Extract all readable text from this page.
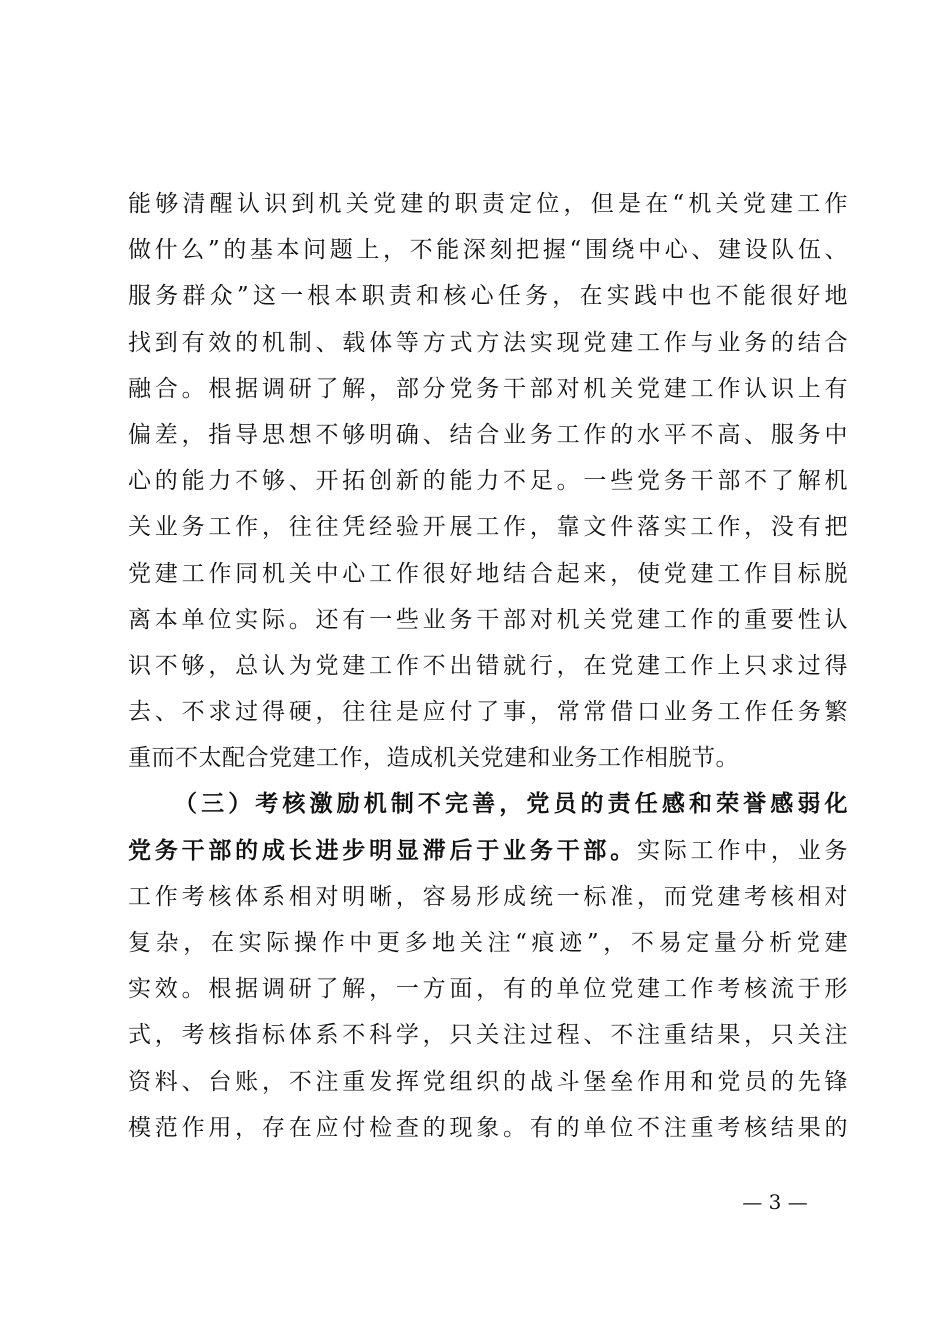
能够清醒认识到机关党建的职责定位，但是在“机关党建工作
做什么”的基本问题上，不能深刻把握“围绕中心、建设队伍、
服务群众”这一根本职责和核心任务，在实践中也不能很好地
找到有效的机制、载体等方式方法实现党建工作与业务的结合
融合。根据调研了解，部分党务干部对机关党建工作认识上有
偏差，指导思想不够明确、结合业务工作的水平不高、服务中
心的能力不够、开拓创新的能力不足。一些党务干部不了解机
关业务工作，往往凭经验开展工作，靠文件落实工作，没有把
党建工作同机关中心工作很好地结合起来，使党建工作目标脱
离本单位实际。还有一些业务干部对机关党建工作的重要性认
识不够，总认为党建工作不出错就行，在党建工作上只求过得
去、不求过得硬，往往是应付了事，常常借口业务工作任务繁
重而不太配合党建工作，造成机关党建和业务工作相脱节。
（三）考核激励机制不完善，党员的责任感和荣誉感弱化
党务干部的成长进步明显滞后于业务干部。实际工作中，业务
工作考核体系相对明晰，容易形成统一标准，而党建考核相对
复杂，在实际操作中更多地关注“痕迹”，不易定量分析党建
实效。根据调研了解，一方面，有的单位党建工作考核流于形
式，考核指标体系不科学，只关注过程、不注重结果，只关注
资料、台账，不注重发挥党组织的战斗堡垒作用和党员的先锋
模范作用，存在应付检查的现象。有的单位不注重考核结果的
— 3 —
